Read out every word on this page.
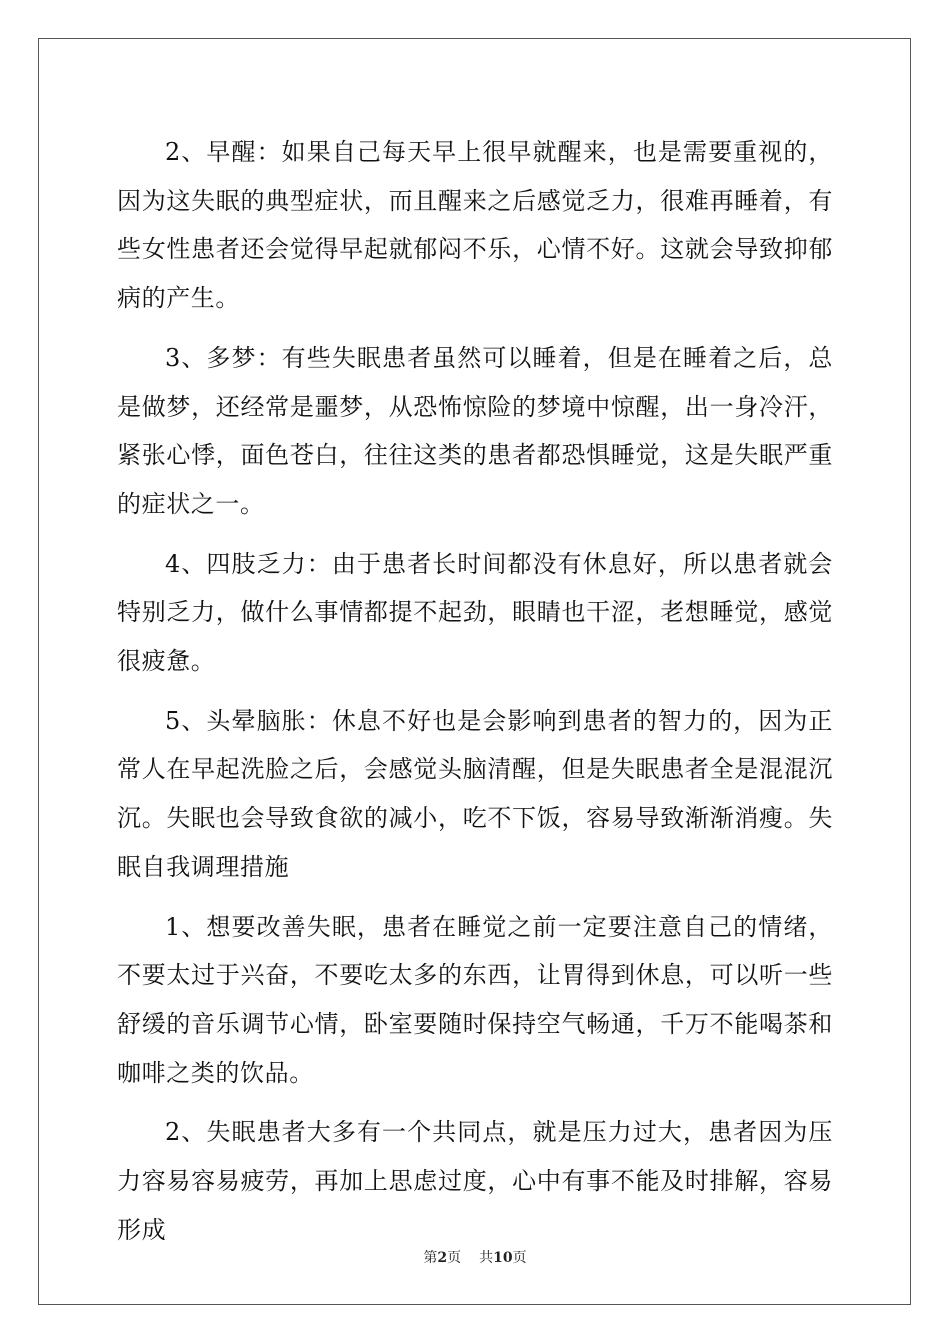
2、早醒：如果自己每天早上很早就醒来，也是需要重视的，因为这失眠的典型症状，而且醒来之后感觉乏力，很难再睡着，有些女性患者还会觉得早起就郁闷不乐，心情不好。这就会导致抑郁病的产生。

3、多梦：有些失眠患者虽然可以睡着，但是在睡着之后，总是做梦，还经常是噩梦，从恐怖惊险的梦境中惊醒，出一身冷汗，紧张心悸，面色苍白，往往这类的患者都恐惧睡觉，这是失眠严重的症状之一。

4、四肢乏力：由于患者长时间都没有休息好，所以患者就会特别乏力，做什么事情都提不起劲，眼睛也干涩，老想睡觉，感觉很疲惫。

5、头晕脑胀：休息不好也是会影响到患者的智力的，因为正常人在早起洗脸之后，会感觉头脑清醒，但是失眠患者全是混混沉沉。失眠也会导致食欲的减小，吃不下饭，容易导致渐渐消瘦。失眠自我调理措施

1、想要改善失眠，患者在睡觉之前一定要注意自己的情绪，不要太过于兴奋，不要吃太多的东西，让胃得到休息，可以听一些舒缓的音乐调节心情，卧室要随时保持空气畅通，千万不能喝茶和咖啡之类的饮品。

2、失眠患者大多有一个共同点，就是压力过大，患者因为压力容易容易疲劳，再加上思虑过度，心中有事不能及时排解，容易形成

第2页 共10页
